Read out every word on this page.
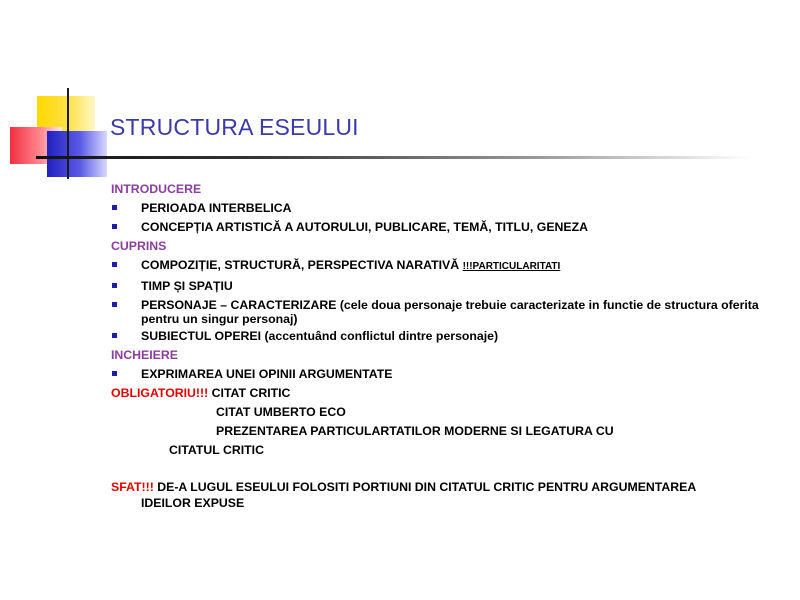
STRUCTURA ESEULUI
INTRODUCERE
PERIOADA INTERBELICA
CONCEPȚIA ARTISTICĂ A AUTORULUI, PUBLICARE, TEMĂ, TITLU, GENEZA
CUPRINS
COMPOZIȚIE, STRUCTURĂ, PERSPECTIVA NARATIVĂ !!!PARTICULARITATI
TIMP ȘI SPAȚIU
PERSONAJE – CARACTERIZARE (cele doua personaje trebuie caracterizate in functie de structura oferita pentru un singur personaj)
SUBIECTUL OPEREI (accentuând conflictul dintre personaje)
INCHEIERE
EXPRIMAREA UNEI OPINII ARGUMENTATE
OBLIGATORIU!!! CITAT CRITIC
CITAT UMBERTO ECO
PREZENTAREA PARTICULARTATILOR MODERNE SI LEGATURA CU
CITATUL CRITIC
SFAT!!! DE-A LUGUL ESEULUI FOLOSITI PORTIUNI DIN CITATUL CRITIC PENTRU ARGUMENTAREA
IDEILOR EXPUSE
